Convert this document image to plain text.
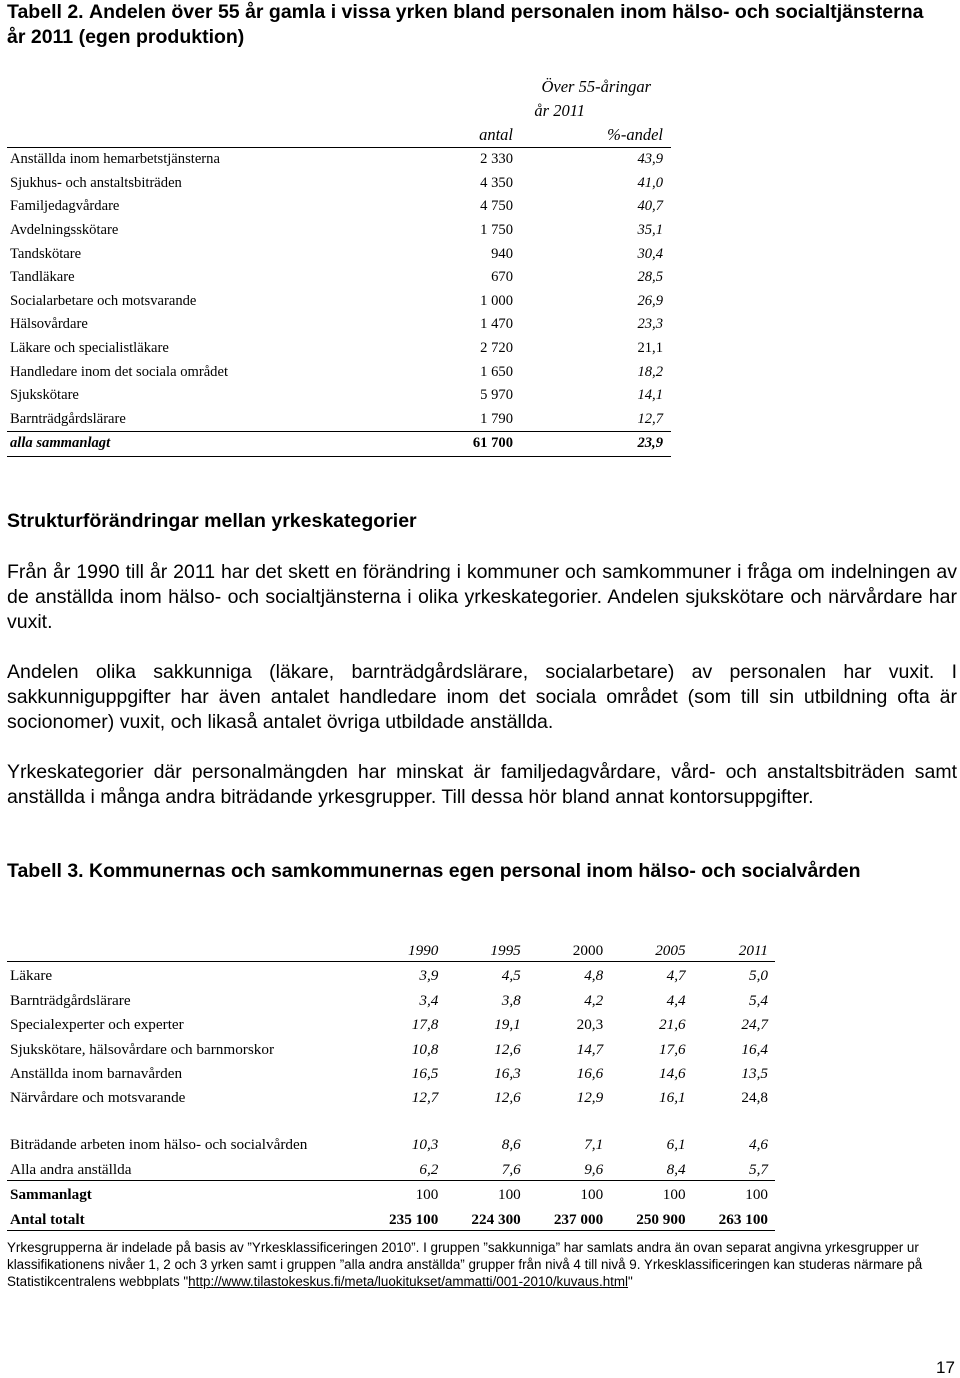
Tabell 2. Andelen över 55 år gamla i vissa yrken bland personalen inom hälso- och socialtjänsterna år 2011 (egen produktion)
	Över 55-åringar	
	år 2011	
	antal	%-andel
Anställda inom hemarbetstjänsterna	2 330	43,9
Sjukhus- och anstaltsbiträden	4 350	41,0
Familjedagvårdare	4 750	40,7
Avdelningsskötare	1 750	35,1
Tandskötare	940	30,4
Tandläkare	670	28,5
Socialarbetare och motsvarande	1 000	26,9
Hälsovårdare	1 470	23,3
Läkare och specialistläkare	2 720	21,1
Handledare inom det sociala området	1 650	18,2
Sjukskötare	5 970	14,1
Barnträdgårdslärare	1 790	12,7
alla sammanlagt	61 700	23,9
Strukturförändringar mellan yrkeskategorier

Från år 1990 till år 2011 har det skett en förändring i kommuner och samkommuner i fråga om indelningen av de anställda inom hälso- och socialtjänsterna i olika yrkeskategorier. Andelen sjukskötare och närvårdare har vuxit.

Andelen olika sakkunniga (läkare, barnträdgårdslärare, socialarbetare) av personalen har vuxit. I sakkunniguppgifter har även antalet handledare inom det sociala området (som till sin utbildning ofta är socionomer) vuxit, och likaså antalet övriga utbildade anställda.

Yrkeskategorier där personalmängden har minskat är familjedagvårdare, vård- och anstaltsbiträden samt anställda i många andra biträdande yrkesgrupper. Till dessa hör bland annat kontorsuppgifter.

Tabell 3. Kommunernas och samkommunernas egen personal inom hälso- och socialvården
	1990	1995	2000	2005	2011
Läkare	3,9	4,5	4,8	4,7	5,0
Barnträdgårdslärare	3,4	3,8	4,2	4,4	5,4
Specialexperter och experter	17,8	19,1	20,3	21,6	24,7
Sjukskötare, hälsovårdare och barnmorskor	10,8	12,6	14,7	17,6	16,4
Anställda inom barnavården	16,5	16,3	16,6	14,6	13,5
Närvårdare och motsvarande	12,7	12,6	12,9	16,1	24,8
Biträdande arbeten inom hälso- och socialvården	10,3	8,6	7,1	6,1	4,6
Alla andra anställda	6,2	7,6	9,6	8,4	5,7
Sammanlagt	100	100	100	100	100
Antal totalt	235 100	224 300	237 000	250 900	263 100
Yrkesgrupperna är indelade på basis av ”Yrkesklassificeringen 2010”. I gruppen ”sakkunniga” har samlats andra än ovan separat angivna yrkesgrupper ur klassifikationens nivåer 1, 2 och 3 yrken samt i gruppen ”alla andra anställda” grupper från nivå 4 till nivå 9. Yrkesklassificeringen kan studeras närmare på Statistikcentralens webbplats "http://www.tilastokeskus.fi/meta/luokitukset/ammatti/001-2010/kuvaus.html"
17
